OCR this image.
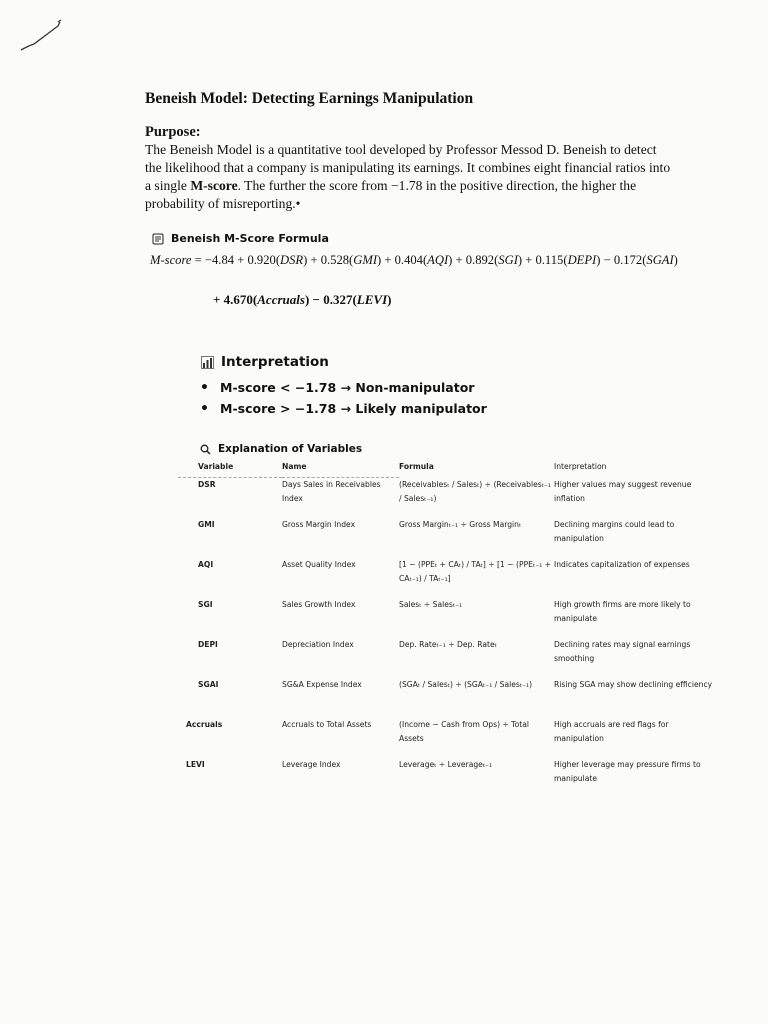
Beneish Model: Detecting Earnings Manipulation
Purpose:
The Beneish Model is a quantitative tool developed by Professor Messod D. Beneish to detect the likelihood that a company is manipulating its earnings. It combines eight financial ratios into a single M-score. The further the score from −1.78 in the positive direction, the higher the probability of misreporting.•
Beneish M-Score Formula
M-score = −4.84 + 0.920(DSR) + 0.528(GMI) + 0.404(AQI) + 0.892(SGI) + 0.115(DEPI) − 0.172(SGAI)
+ 4.670(Accruals) − 0.327(LEVI)
Interpretation
• M-score < −1.78 → Non-manipulator
• M-score > −1.78 → Likely manipulator
Explanation of Variables
Variable	Name	Formula	Interpretation
DSR	Days Sales in Receivables Index	(Receivablesₜ / Salesₜ) ÷ (Receivablesₜ₋₁ / Salesₜ₋₁)	Higher values may suggest revenue inflation
GMI	Gross Margin Index	Gross Marginₜ₋₁ ÷ Gross Marginₜ	Declining margins could lead to manipulation
AQI	Asset Quality Index	[1 − (PPEₜ + CAₜ) / TAₜ] ÷ [1 − (PPEₜ₋₁ + CAₜ₋₁) / TAₜ₋₁]	Indicates capitalization of expenses
SGI	Sales Growth Index	Salesₜ ÷ Salesₜ₋₁	High growth firms are more likely to manipulate
DEPI	Depreciation Index	Dep. Rateₜ₋₁ ÷ Dep. Rateₜ	Declining rates may signal earnings smoothing
SGAI	SG&A Expense Index	(SGAₜ / Salesₜ) ÷ (SGAₜ₋₁ / Salesₜ₋₁)	Rising SGA may show declining efficiency
Accruals	Accruals to Total Assets	(Income − Cash from Ops) ÷ Total Assets	High accruals are red flags for manipulation
LEVI	Leverage Index	Leverageₜ ÷ Leverageₜ₋₁	Higher leverage may pressure firms to manipulate
